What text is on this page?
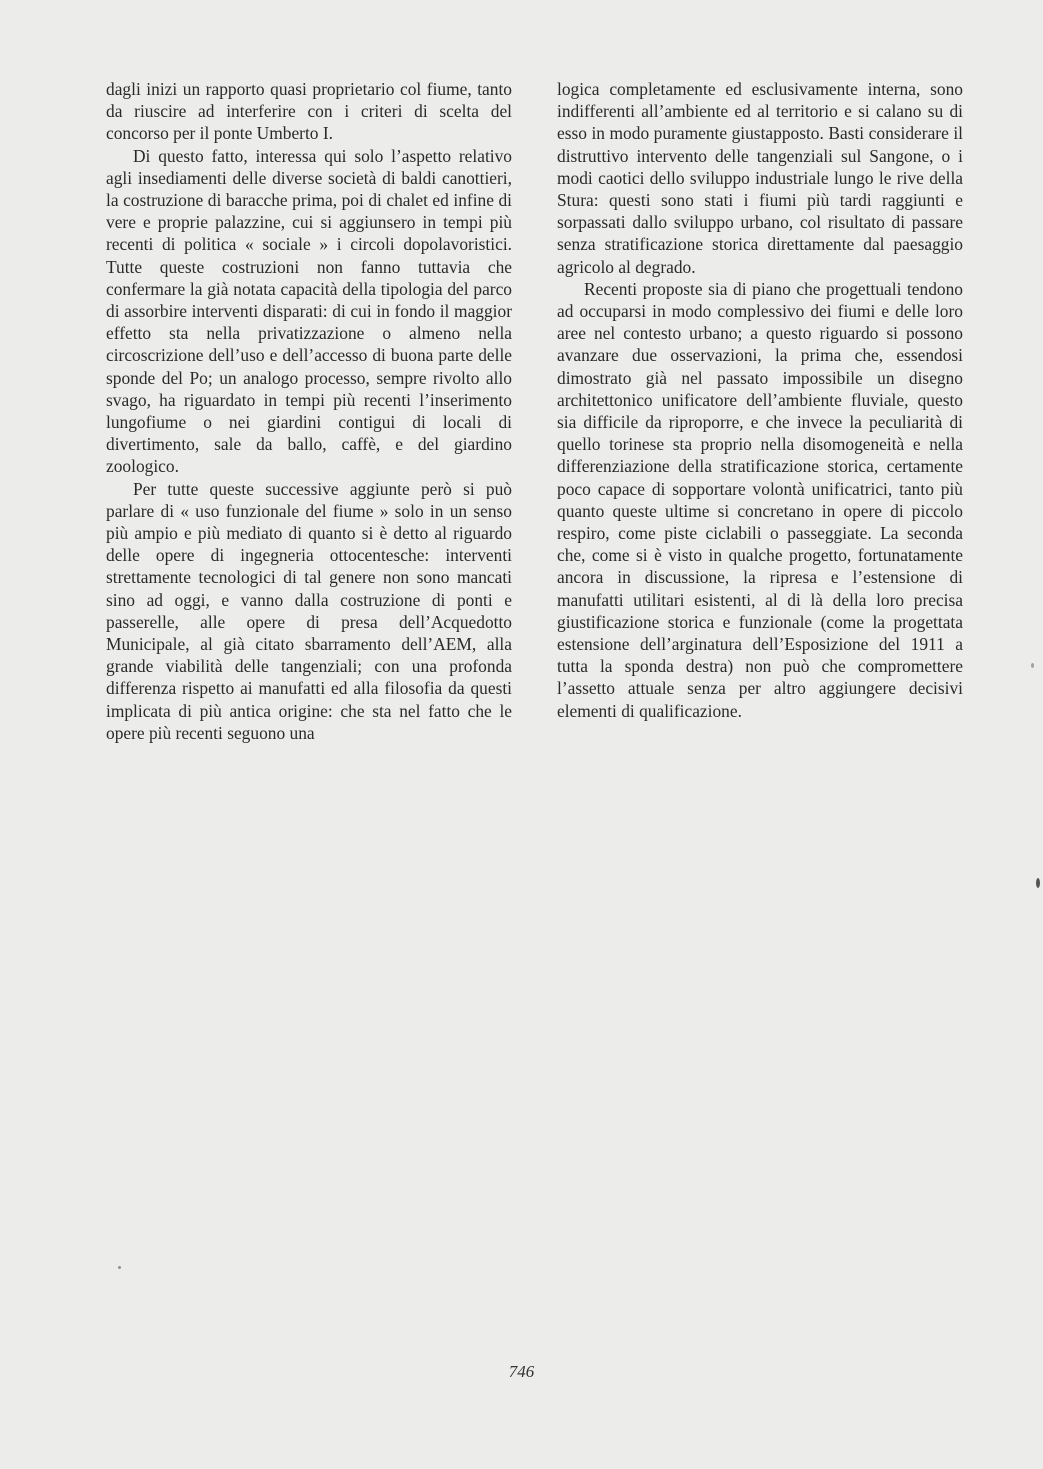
dagli inizi un rapporto quasi proprietario col fiume, tanto da riuscire ad interferire con i criteri di scelta del concorso per il ponte Umberto I.

Di questo fatto, interessa qui solo l’aspetto relativo agli insediamenti delle diverse società di baldi canottieri, la costruzione di baracche prima, poi di chalet ed infine di vere e proprie palazzine, cui si aggiunsero in tempi più recenti di politica « sociale » i circoli dopolavoristici. Tutte queste costruzioni non fanno tuttavia che confermare la già notata capacità della tipologia del parco di assorbire interventi disparati: di cui in fondo il maggior effetto sta nella privatizzazione o almeno nella circoscrizione dell’uso e dell’accesso di buona parte delle sponde del Po; un analogo processo, sempre rivolto allo svago, ha riguardato in tempi più recenti l’inserimento lungofiume o nei giardini contigui di locali di divertimento, sale da ballo, caffè, e del giardino zoologico.

Per tutte queste successive aggiunte però si può parlare di « uso funzionale del fiume » solo in un senso più ampio e più mediato di quanto si è detto al riguardo delle opere di ingegneria ottocentesche: interventi strettamente tecnologici di tal genere non sono mancati sino ad oggi, e vanno dalla costruzione di ponti e passerelle, alle opere di presa dell’Acquedotto Municipale, al già citato sbarramento dell’AEM, alla grande viabilità delle tangenziali; con una profonda differenza rispetto ai manufatti ed alla filosofia da questi implicata di più antica origine: che sta nel fatto che le opere più recenti seguono una

logica completamente ed esclusivamente interna, sono indifferenti all’ambiente ed al territorio e si calano su di esso in modo puramente giustapposto. Basti considerare il distruttivo intervento delle tangenziali sul Sangone, o i modi caotici dello sviluppo industriale lungo le rive della Stura: questi sono stati i fiumi più tardi raggiunti e sorpassati dallo sviluppo urbano, col risultato di passare senza stratificazione storica direttamente dal paesaggio agricolo al degrado.

Recenti proposte sia di piano che progettuali tendono ad occuparsi in modo complessivo dei fiumi e delle loro aree nel contesto urbano; a questo riguardo si possono avanzare due osservazioni, la prima che, essendosi dimostrato già nel passato impossibile un disegno architettonico unificatore dell’ambiente fluviale, questo sia difficile da riproporre, e che invece la peculiarità di quello torinese sta proprio nella disomogeneità e nella differenziazione della stratificazione storica, certamente poco capace di sopportare volontà unificatrici, tanto più quanto queste ultime si concretano in opere di piccolo respiro, come piste ciclabili o passeggiate. La seconda che, come si è visto in qualche progetto, fortunatamente ancora in discussione, la ripresa e l’estensione di manufatti utilitari esistenti, al di là della loro precisa giustificazione storica e funzionale (come la progettata estensione dell’arginatura dell’Esposizione del 1911 a tutta la sponda destra) non può che compromettere l’assetto attuale senza per altro aggiungere decisivi elementi di qualificazione.

746
